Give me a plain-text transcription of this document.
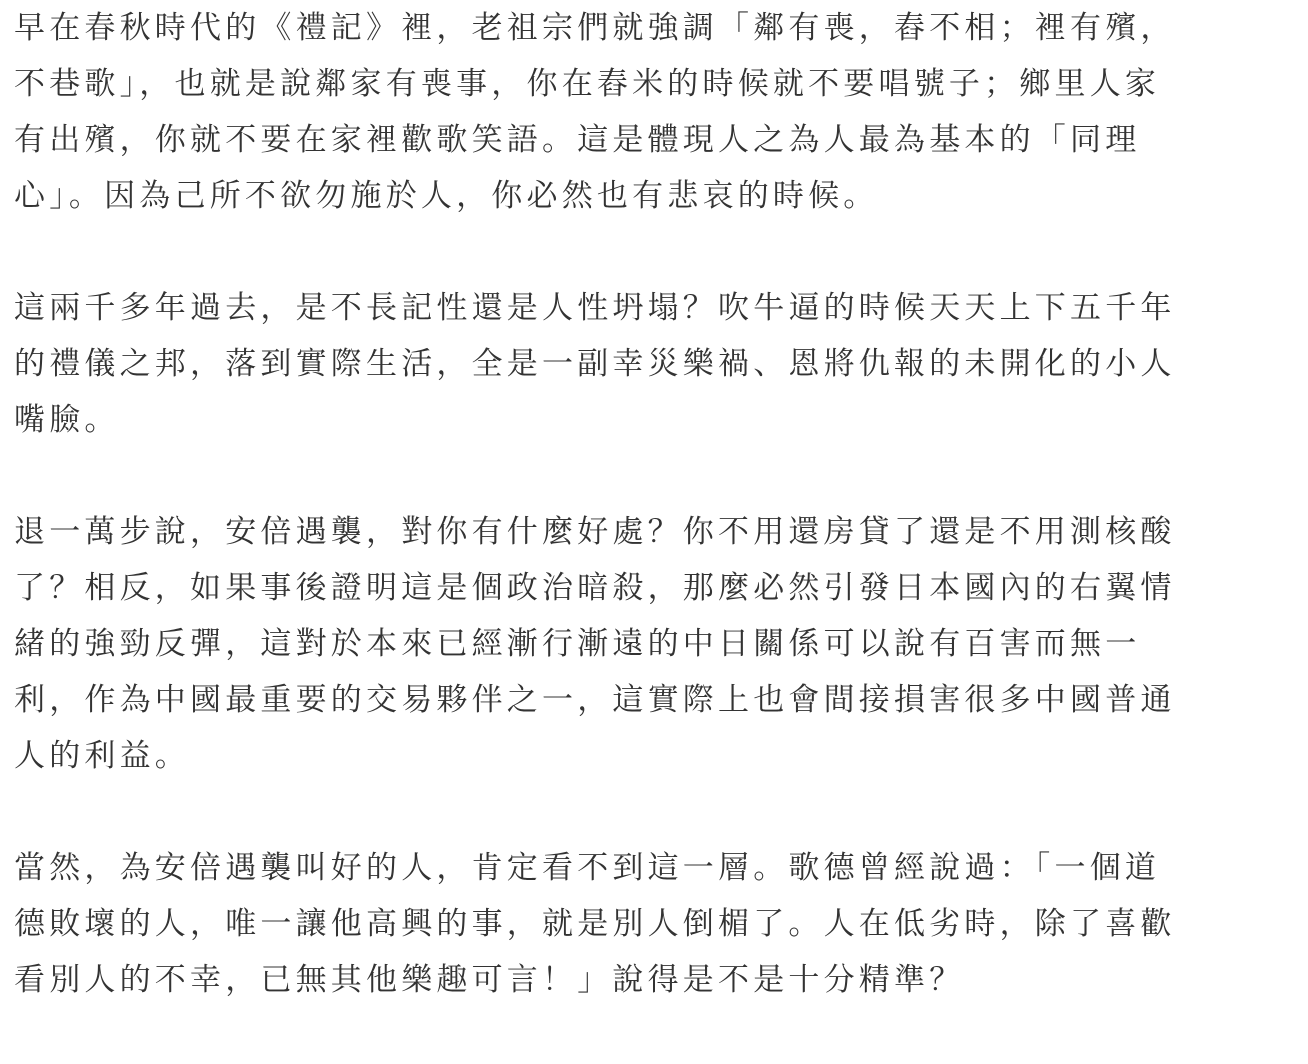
早在春秋時代的《禮記》裡，老祖宗們就強調「鄰有喪，舂不相；裡有殯，
不巷歌」，也就是說鄰家有喪事，你在舂米的時候就不要唱號子；鄉里人家
有出殯，你就不要在家裡歡歌笑語。這是體現人之為人最為基本的「同理
心」。因為己所不欲勿施於人，你必然也有悲哀的時候。
這兩千多年過去，是不長記性還是人性坍塌？吹牛逼的時候天天上下五千年
的禮儀之邦，落到實際生活，全是一副幸災樂禍、恩將仇報的未開化的小人
嘴臉。
退一萬步說，安倍遇襲，對你有什麼好處？你不用還房貸了還是不用測核酸
了？相反，如果事後證明這是個政治暗殺，那麼必然引發日本國內的右翼情
緒的強勁反彈，這對於本來已經漸行漸遠的中日關係可以說有百害而無一
利，作為中國最重要的交易夥伴之一，這實際上也會間接損害很多中國普通
人的利益。
當然，為安倍遇襲叫好的人，肯定看不到這一層。歌德曾經說過：「一個道
德敗壞的人，唯一讓他高興的事，就是別人倒楣了。人在低劣時，除了喜歡
看別人的不幸，已無其他樂趣可言！」說得是不是十分精準？
